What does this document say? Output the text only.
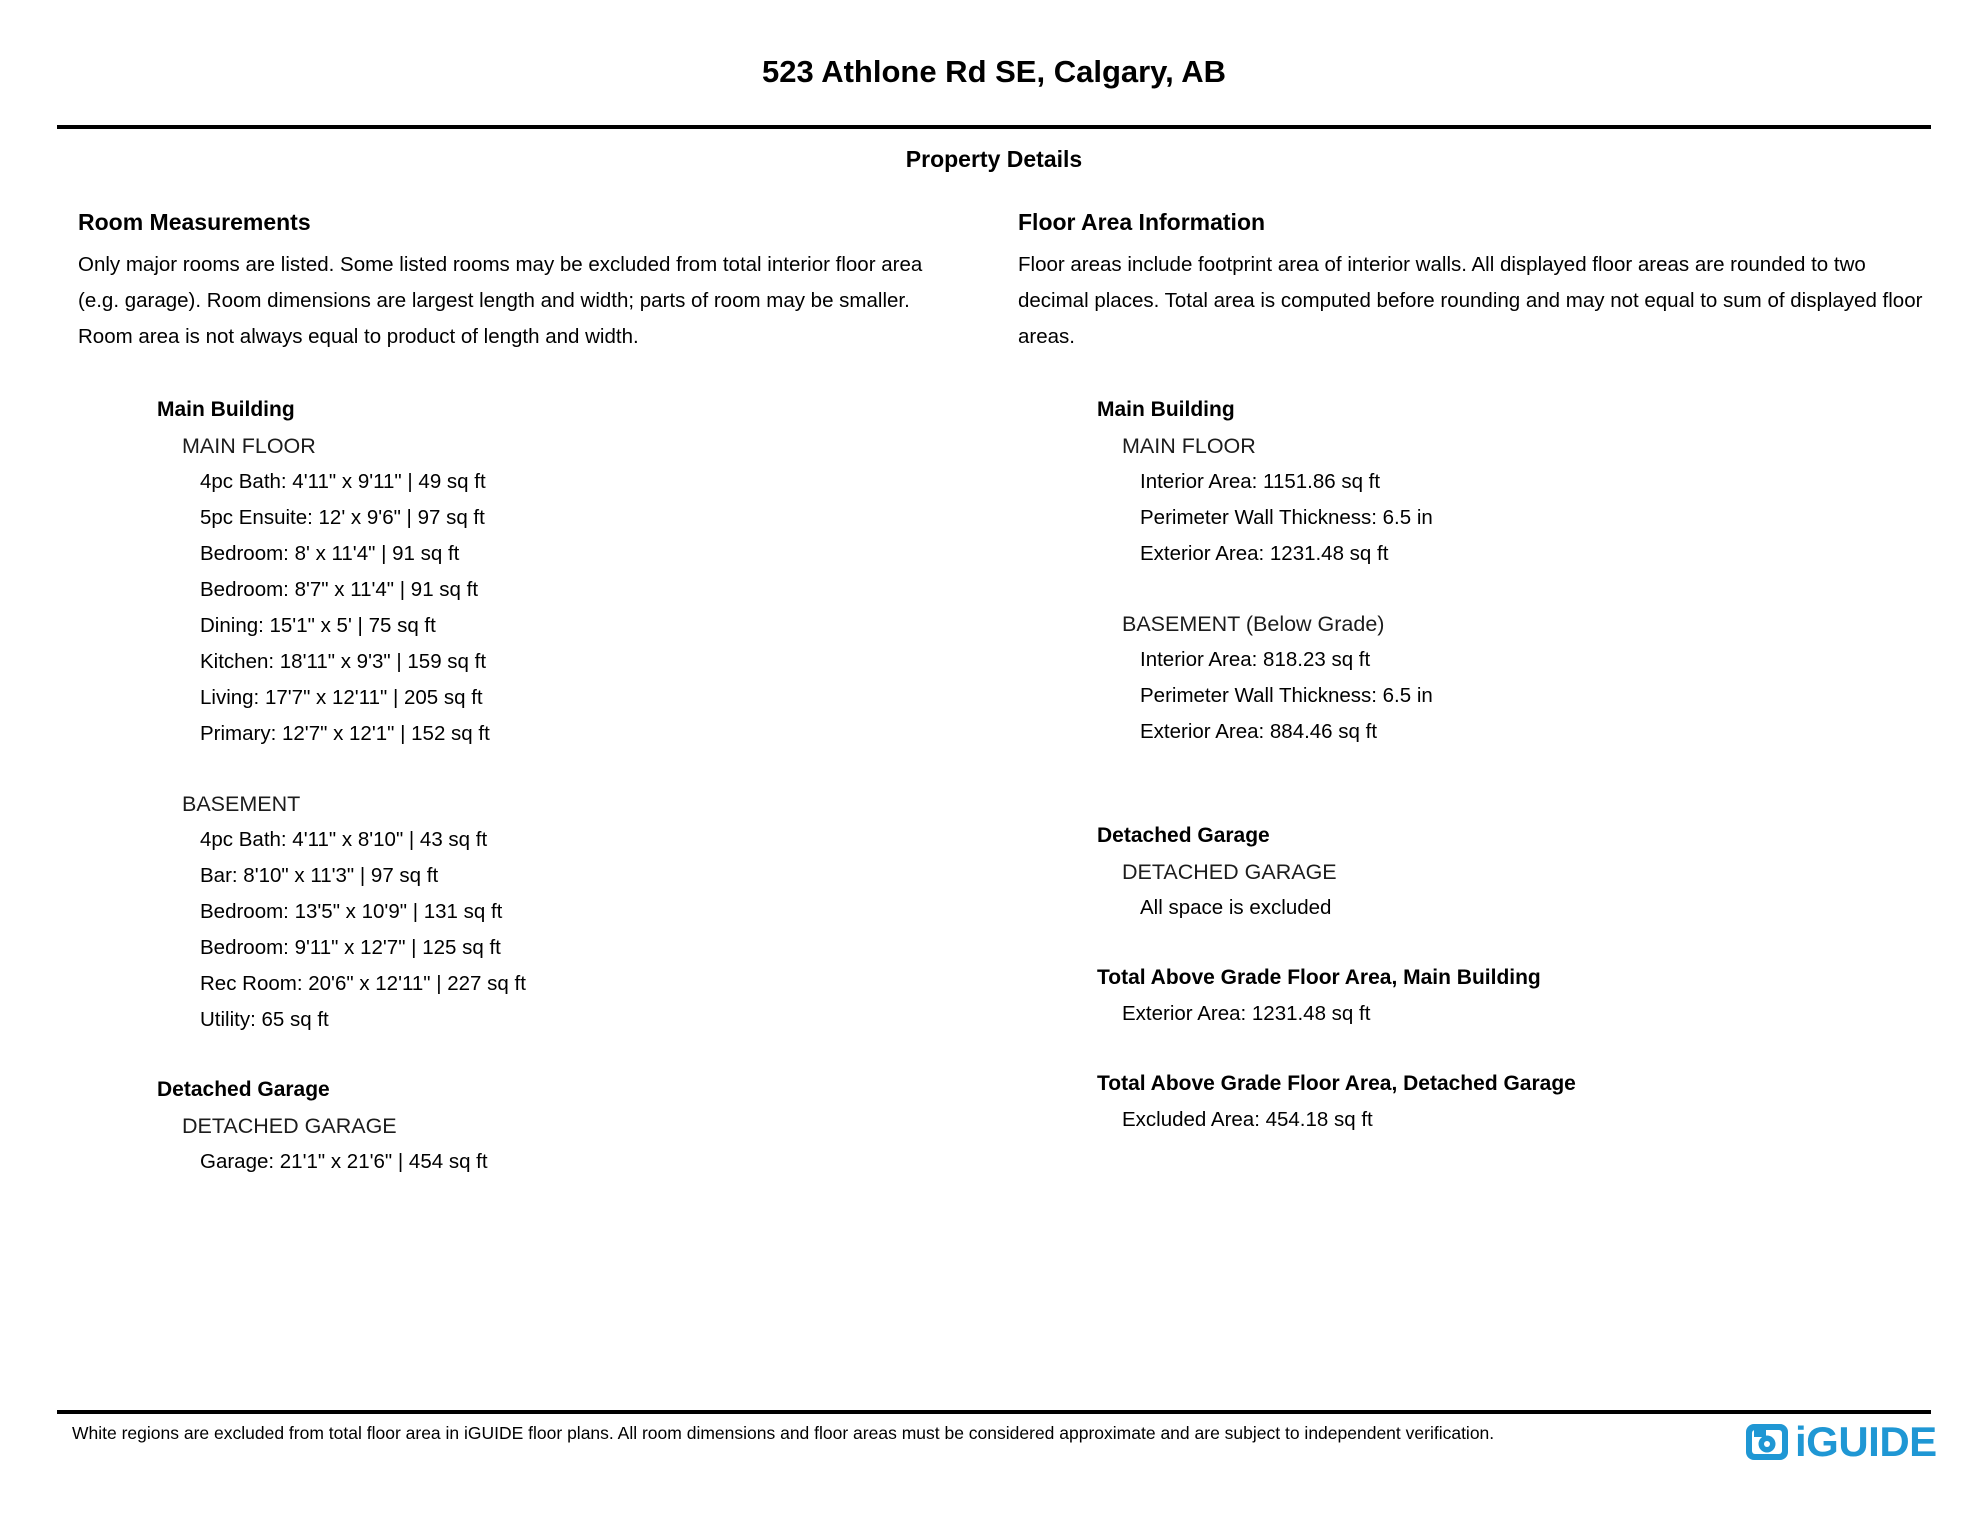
523 Athlone Rd SE, Calgary, AB
Property Details
Room Measurements
Only major rooms are listed. Some listed rooms may be excluded from total interior floor area (e.g. garage). Room dimensions are largest length and width; parts of room may be smaller. Room area is not always equal to product of length and width.
Main Building
MAIN FLOOR
4pc Bath: 4'11" x 9'11" | 49 sq ft
5pc Ensuite: 12' x 9'6" | 97 sq ft
Bedroom: 8' x 11'4" | 91 sq ft
Bedroom: 8'7" x 11'4" | 91 sq ft
Dining: 15'1" x 5' | 75 sq ft
Kitchen: 18'11" x 9'3" | 159 sq ft
Living: 17'7" x 12'11" | 205 sq ft
Primary: 12'7" x 12'1" | 152 sq ft
BASEMENT
4pc Bath: 4'11" x 8'10" | 43 sq ft
Bar: 8'10" x 11'3" | 97 sq ft
Bedroom: 13'5" x 10'9" | 131 sq ft
Bedroom: 9'11" x 12'7" | 125 sq ft
Rec Room: 20'6" x 12'11" | 227 sq ft
Utility: 65 sq ft
Detached Garage
DETACHED GARAGE
Garage: 21'1" x 21'6" | 454 sq ft
Floor Area Information
Floor areas include footprint area of interior walls. All displayed floor areas are rounded to two decimal places. Total area is computed before rounding and may not equal to sum of displayed floor areas.
Main Building
MAIN FLOOR
Interior Area: 1151.86 sq ft
Perimeter Wall Thickness: 6.5 in
Exterior Area: 1231.48 sq ft
BASEMENT (Below Grade)
Interior Area: 818.23 sq ft
Perimeter Wall Thickness: 6.5 in
Exterior Area: 884.46 sq ft
Detached Garage
DETACHED GARAGE
All space is excluded
Total Above Grade Floor Area, Main Building
Exterior Area: 1231.48 sq ft
Total Above Grade Floor Area, Detached Garage
Excluded Area: 454.18 sq ft
White regions are excluded from total floor area in iGUIDE floor plans. All room dimensions and floor areas must be considered approximate and are subject to independent verification.	iGUIDE
